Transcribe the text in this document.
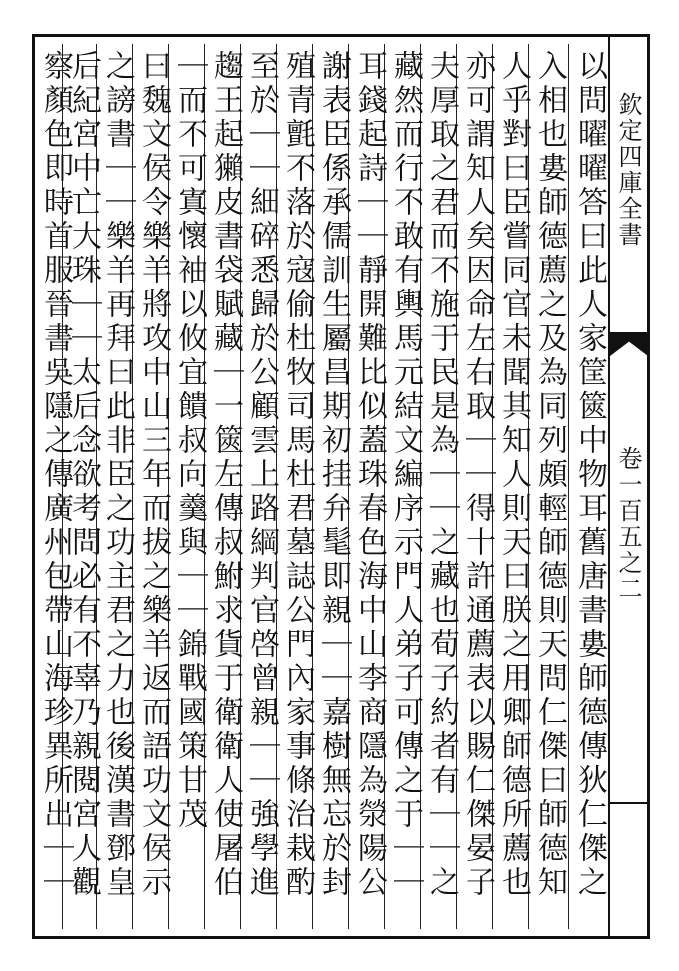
欽定四庫全書
卷一百五之二
以問曜曜答曰此人家筐篋中物耳舊唐書婁師德傳狄仁傑之
入相也婁師德薦之及為同列頗輕師德則天問仁傑曰師德知
人乎對曰臣嘗同官未聞其知人則天曰朕之用卿師德所薦也
亦可謂知人矣因命左右取｜｜得十許通薦表以賜仁傑晏子
夫厚取之君而不施于民是為｜｜之藏也荀子約者有｜｜之
藏然而行不敢有輿馬元結文編序示門人弟子可傳之于｜｜
耳錢起詩｜｜靜開難比似蓋珠春色海中山李商隱為滎陽公
謝表臣係承儒訓生屬昌期初挂弁髦即親｜｜嘉樹無忘於封
殖青氈不落於寇偷杜牧司馬杜君墓誌公門內家事條治栽酌
至於｜｜細碎悉歸於公顧雲上路綱判官啓曾親｜｜強學進
趨王起獺皮書袋賦藏｜一篋左傳叔鮒求貨于衛衛人使屠伯
｜而不可寘懷袖以攸宜饋叔向羹與｜｜錦戰國策甘茂
曰魏文侯令樂羊將攻中山三年而拔之樂羊返而語功文侯示
之謗書｜｜樂羊再拜曰此非臣之功主君之力也後漢書鄧皇
后紀宮中亡大珠｜｜太后念欲考問必有不辜乃親閱宮人觀
察顏色即時首服晉書吳隱之傳廣州包帶山海珍異所出｜｜
